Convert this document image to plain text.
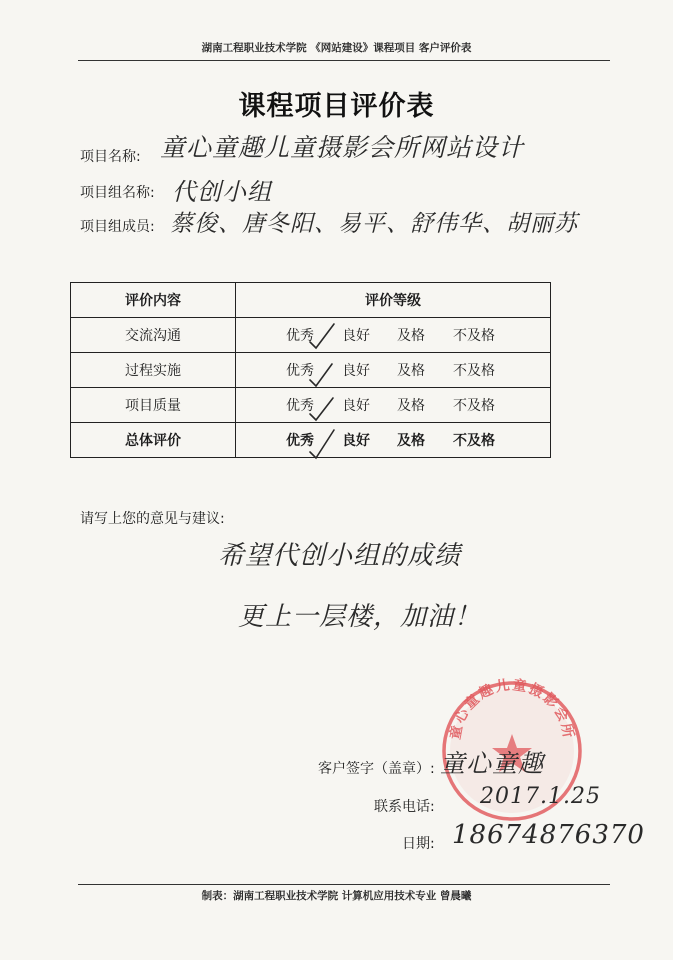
湖南工程职业技术学院 《网站建设》课程项目 客户评价表
课程项目评价表
项目名称: 童心童趣儿童摄影会所网站设计
项目组名称: 代创小组
项目组成员: 蔡俊、唐冬阳、易平、舒伟华、胡丽苏
评价内容	评价等级
交流沟通	优秀 良好 及格 不及格

过程实施	优秀 良好 及格 不及格

项目质量	优秀 良好 及格 不及格

总体评价	优秀 良好 及格 不及格
请写上您的意见与建议:
希望代创小组的成绩
更上一层楼，加油！
童心童趣儿童摄影会所
客户签字（盖章）: 童心童趣
联系电话: 2017.1.25
日期: 18674876370
制表：湖南工程职业技术学院 计算机应用技术专业 曾晨曦
